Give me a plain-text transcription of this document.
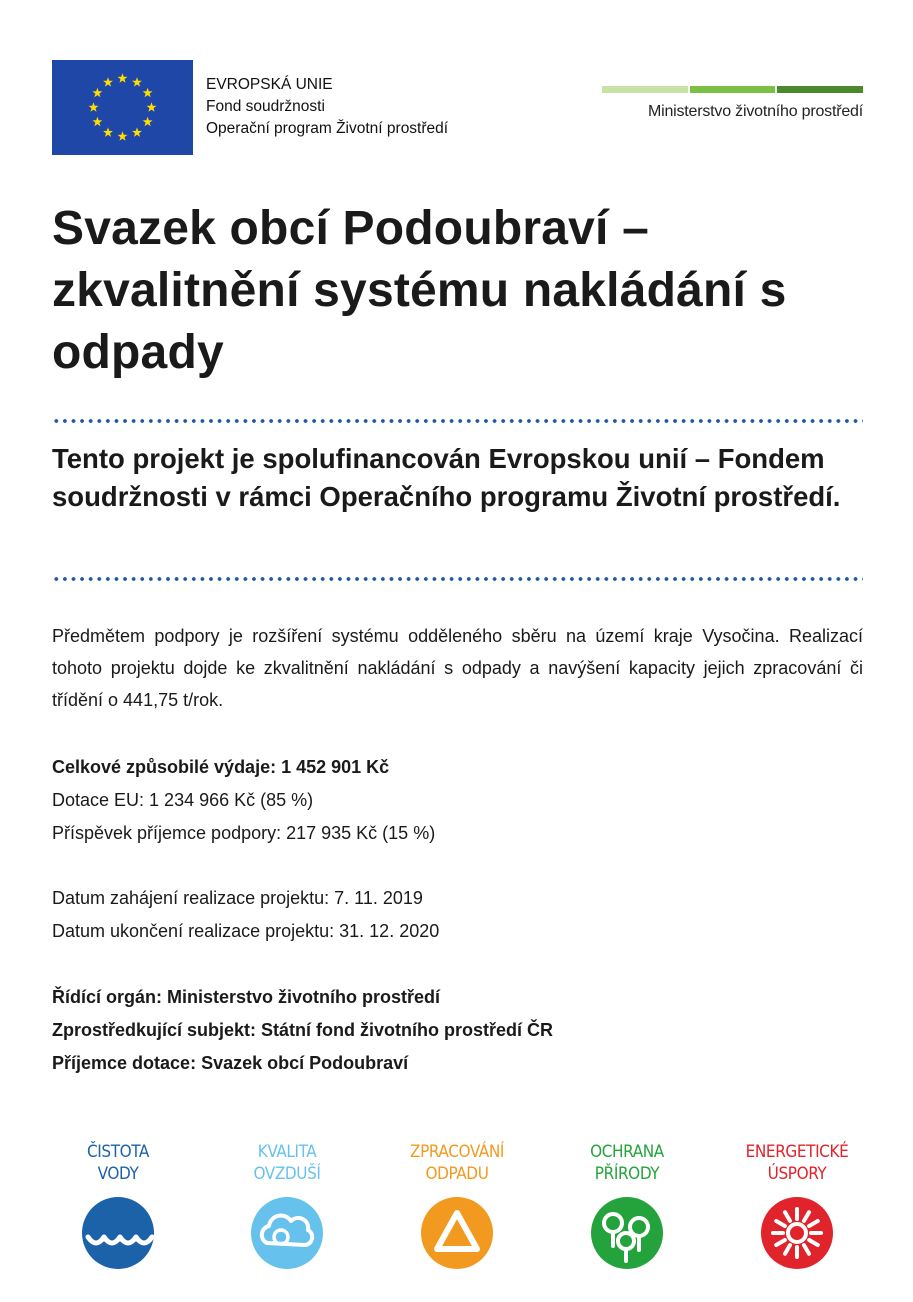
EVROPSKÁ UNIE
Fond soudržnosti
Operační program Životní prostředí
Ministerstvo životního prostředí
Svazek obcí Podoubraví – zkvalitnění systému nakládání s odpady
Tento projekt je spolufinancován Evropskou unií – Fondem soudržnosti v rámci Operačního programu Životní prostředí.

Předmětem podpory je rozšíření systému odděleného sběru na území kraje Vysočina. Realizací tohoto projektu dojde ke zkvalitnění nakládání s odpady a navýšení kapacity jejich zpracování či třídění o 441,75 t/rok.

Celkové způsobilé výdaje: 1 452 901 Kč
Dotace EU: 1 234 966 Kč (85 %)
Příspěvek příjemce podpory: 217 935 Kč (15 %)
Datum zahájení realizace projektu: 7. 11. 2019
Datum ukončení realizace projektu: 31. 12. 2020
Řídící orgán: Ministerstvo životního prostředí
Zprostředkující subjekt: Státní fond životního prostředí ČR
Příjemce dotace: Svazek obcí Podoubraví
ČISTOTA
VODY
KVALITA
OVZDUŠÍ
ZPRACOVÁNÍ
ODPADU
OCHRANA
PŘÍRODY
ENERGETICKÉ
ÚSPORY
